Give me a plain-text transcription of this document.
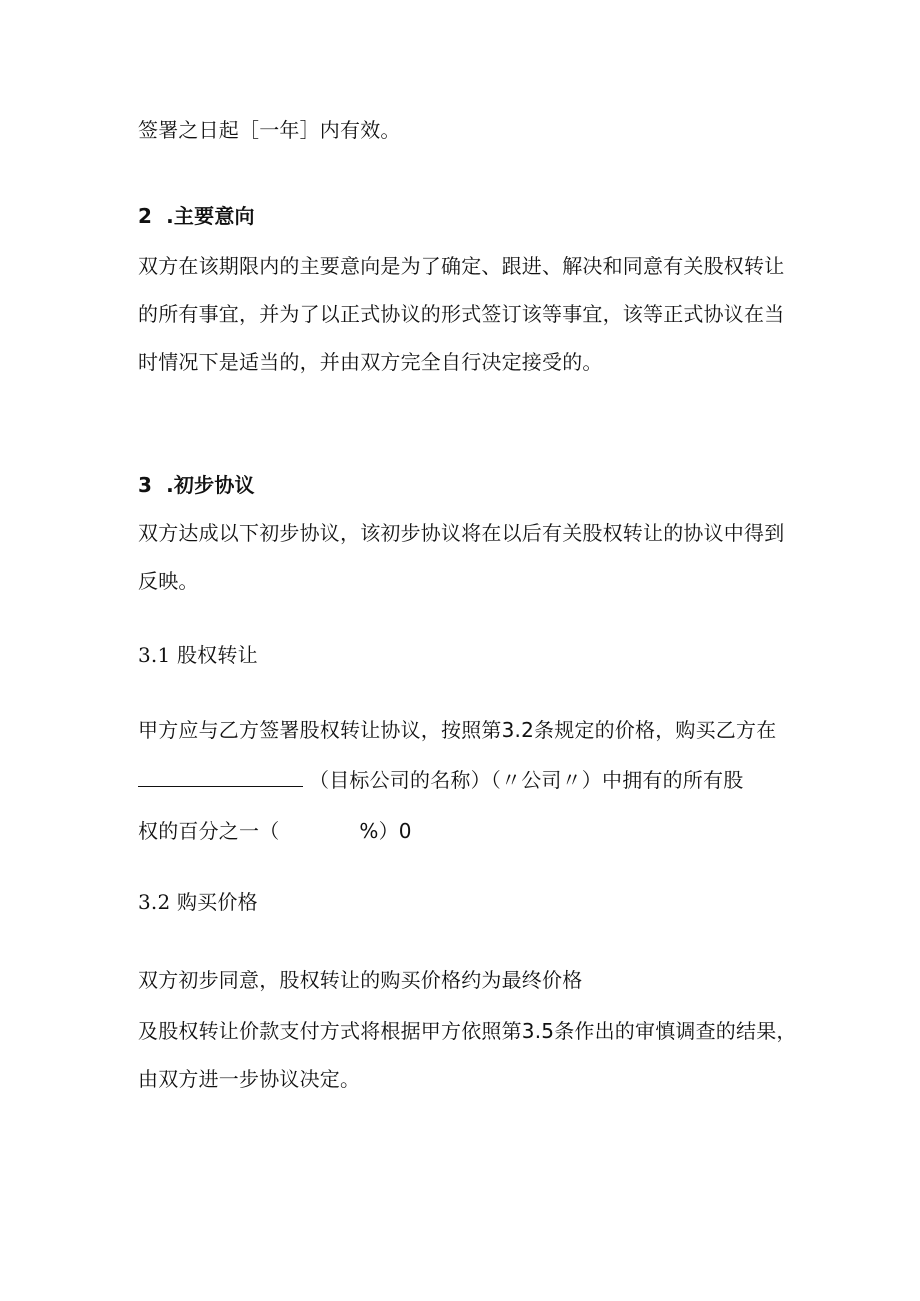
签署之日起［一年］内有效。
2 .主要意向
双方在该期限内的主要意向是为了确定、跟进、解决和同意有关股权转让
的所有事宜，并为了以正式协议的形式签订该等事宜，该等正式协议在当
时情况下是适当的，并由双方完全自行决定接受的。
3 .初步协议
双方达成以下初步协议，该初步协议将在以后有关股权转让的协议中得到
反映。
3.1 股权转让
甲方应与乙方签署股权转让协议，按照第3.2条规定的价格，购买乙方在
（目标公司的名称）（〃公司〃）中拥有的所有股
权的百分之一（	%）0
3.2 购买价格
双方初步同意，股权转让的购买价格约为最终价格
及股权转让价款支付方式将根据甲方依照第3.5条作出的审慎调查的结果，
由双方进一步协议决定。
